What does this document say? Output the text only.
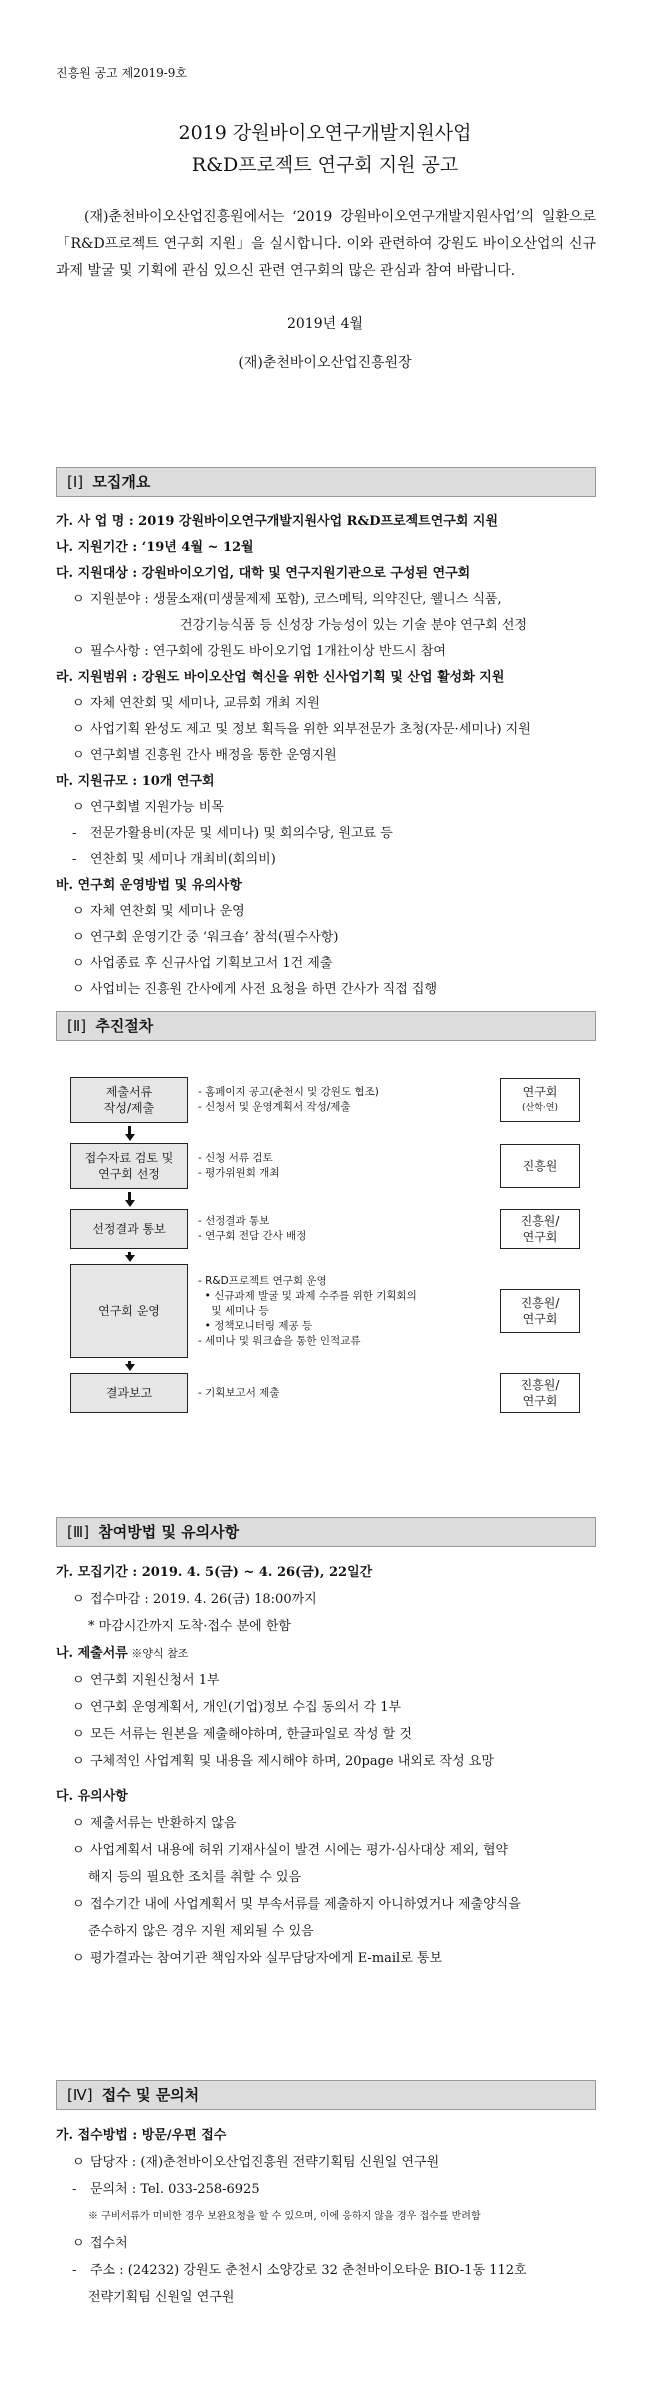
진흥원 공고 제2019-9호
2019 강원바이오연구개발지원사업
R&D프로젝트 연구회 지원 공고

(재)춘천바이오산업진흥원에서는 ‘2019 강원바이오연구개발지원사업’의 일환으로 「R&D프로젝트 연구회 지원」을 실시합니다. 이와 관련하여 강원도 바이오산업의 신규 과제 발굴 및 기획에 관심 있으신 관련 연구회의 많은 관심과 참여 바랍니다.

2019년 4월
(재)춘천바이오산업진흥원장
[Ⅰ] 모집개요
가. 사 업 명 : 2019 강원바이오연구개발지원사업 R&D프로젝트연구회 지원
나. 지원기간 : ‘19년 4월 ~ 12월
다. 지원대상 : 강원바이오기업, 대학 및 연구지원기관으로 구성된 연구회
ㅇ 지원분야 : 생물소재(미생물제제 포함), 코스메틱, 의약진단, 웰니스 식품,
건강기능식품 등 신성장 가능성이 있는 기술 분야 연구회 선정
ㅇ 필수사항 : 연구회에 강원도 바이오기업 1개社이상 반드시 참여
라. 지원범위 : 강원도 바이오산업 혁신을 위한 신사업기획 및 산업 활성화 지원
ㅇ 자체 연찬회 및 세미나, 교류회 개최 지원
ㅇ 사업기획 완성도 제고 및 정보 획득을 위한 외부전문가 초청(자문·세미나) 지원
ㅇ 연구회별 진흥원 간사 배정을 통한 운영지원
마. 지원규모 : 10개 연구회
ㅇ 연구회별 지원가능 비목
- 전문가활용비(자문 및 세미나) 및 회의수당, 원고료 등
- 연찬회 및 세미나 개최비(회의비)
바. 연구회 운영방법 및 유의사항
ㅇ 자체 연찬회 및 세미나 운영
ㅇ 연구회 운영기간 중 ‘워크숍’ 참석(필수사항)
ㅇ 사업종료 후 신규사업 기획보고서 1건 제출
ㅇ 사업비는 진흥원 간사에게 사전 요청을 하면 간사가 직접 집행
[Ⅱ] 추진절차
제출서류
작성/제출
- 홈페이지 공고(춘천시 및 강원도 협조)
- 신청서 및 운영계획서 작성/제출
연구회
(산학·연)
접수자료 검토 및
연구회 선정
- 신청 서류 검토
- 평가위원회 개최	진흥원
선정결과 통보
- 선정결과 통보
- 연구회 전담 간사 배정
진흥원/
연구회
연구회 운영
- R&D프로젝트 연구회 운영
• 신규과제 발굴 및 과제 수주를 위한 기획회의
및 세미나 등
• 정책모니터링 제공 등
- 세미나 및 워크숍을 통한 인적교류
진흥원/
연구회
결과보고	- 기획보고서 제출
진흥원/
연구회
[Ⅲ] 참여방법 및 유의사항
가. 모집기간 : 2019. 4. 5(금) ~ 4. 26(금), 22일간
ㅇ 접수마감 : 2019. 4. 26(금) 18:00까지
* 마감시간까지 도착·접수 분에 한함
나. 제출서류 ※양식 참조
ㅇ 연구회 지원신청서 1부
ㅇ 연구회 운영계획서, 개인(기업)정보 수집 동의서 각 1부
ㅇ 모든 서류는 원본을 제출해야하며, 한글파일로 작성 할 것
ㅇ 구체적인 사업계획 및 내용을 제시해야 하며, 20page 내외로 작성 요망
다. 유의사항
ㅇ 제출서류는 반환하지 않음
ㅇ 사업계획서 내용에 허위 기재사실이 발견 시에는 평가·심사대상 제외, 협약
해지 등의 필요한 조치를 취할 수 있음
ㅇ 접수기간 내에 사업계획서 및 부속서류를 제출하지 아니하였거나 제출양식을
준수하지 않은 경우 지원 제외될 수 있음
ㅇ 평가결과는 참여기관 책임자와 실무담당자에게 E-mail로 통보
[Ⅳ] 접수 및 문의처
가. 접수방법 : 방문/우편 접수
ㅇ 담당자 : (재)춘천바이오산업진흥원 전략기획팀 신원일 연구원
- 문의처 : Tel. 033-258-6925
※ 구비서류가 미비한 경우 보완요청을 할 수 있으며, 이에 응하지 않을 경우 접수를 반려함
ㅇ 접수처
- 주소 : (24232) 강원도 춘천시 소양강로 32 춘천바이오타운 BIO-1동 112호
전략기획팀 신원일 연구원
